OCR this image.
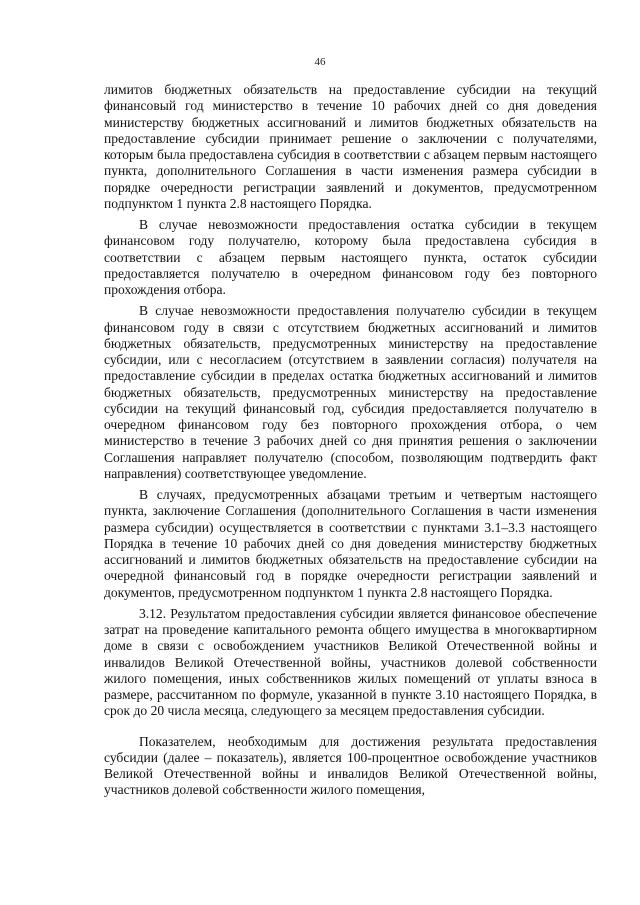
46

лимитов бюджетных обязательств на предоставление субсидии на текущий финансовый год министерство в течение 10 рабочих дней со дня доведения министерству бюджетных ассигнований и лимитов бюджетных обязательств на предоставление субсидии принимает решение о заключении с получателями, которым была предоставлена субсидия в соответствии с абзацем первым настоящего пункта, дополнительного Соглашения в части изменения размера субсидии в порядке очередности регистрации заявлений и документов, предусмотренном подпунктом 1 пункта 2.8 настоящего Порядка.

В случае невозможности предоставления остатка субсидии в текущем финансовом году получателю, которому была предоставлена субсидия в соответствии с абзацем первым настоящего пункта, остаток субсидии предоставляется получателю в очередном финансовом году без повторного прохождения отбора.

В случае невозможности предоставления получателю субсидии в текущем финансовом году в связи с отсутствием бюджетных ассигнований и лимитов бюджетных обязательств, предусмотренных министерству на предоставление субсидии, или с несогласием (отсутствием в заявлении согласия) получателя на предоставление субсидии в пределах остатка бюджетных ассигнований и лимитов бюджетных обязательств, предусмотренных министерству на предоставление субсидии на текущий финансовый год, субсидия предоставляется получателю в очередном финансовом году без повторного прохождения отбора, о чем министерство в течение 3 рабочих дней со дня принятия решения о заключении Соглашения направляет получателю (способом, позволяющим подтвердить факт направления) соответствующее уведомление.

В случаях, предусмотренных абзацами третьим и четвертым настоящего пункта, заключение Соглашения (дополнительного Соглашения в части изменения размера субсидии) осуществляется в соответствии с пунктами 3.1–3.3 настоящего Порядка в течение 10 рабочих дней со дня доведения министерству бюджетных ассигнований и лимитов бюджетных обязательств на предоставление субсидии на очередной финансовый год в порядке очередности регистрации заявлений и документов, предусмотренном подпунктом 1 пункта 2.8 настоящего Порядка.

3.12. Результатом предоставления субсидии является финансовое обеспечение затрат на проведение капитального ремонта общего имущества в многоквартирном доме в связи с освобождением участников Великой Отечественной войны и инвалидов Великой Отечественной войны, участников долевой собственности жилого помещения, иных собственников жилых помещений от уплаты взноса в размере, рассчитанном по формуле, указанной в пункте 3.10 настоящего Порядка, в срок до 20 числа месяца, следующего за месяцем предоставления субсидии.

Показателем, необходимым для достижения результата предоставления субсидии (далее – показатель), является 100-процентное освобождение участников Великой Отечественной войны и инвалидов Великой Отечественной войны, участников долевой собственности жилого помещения,
